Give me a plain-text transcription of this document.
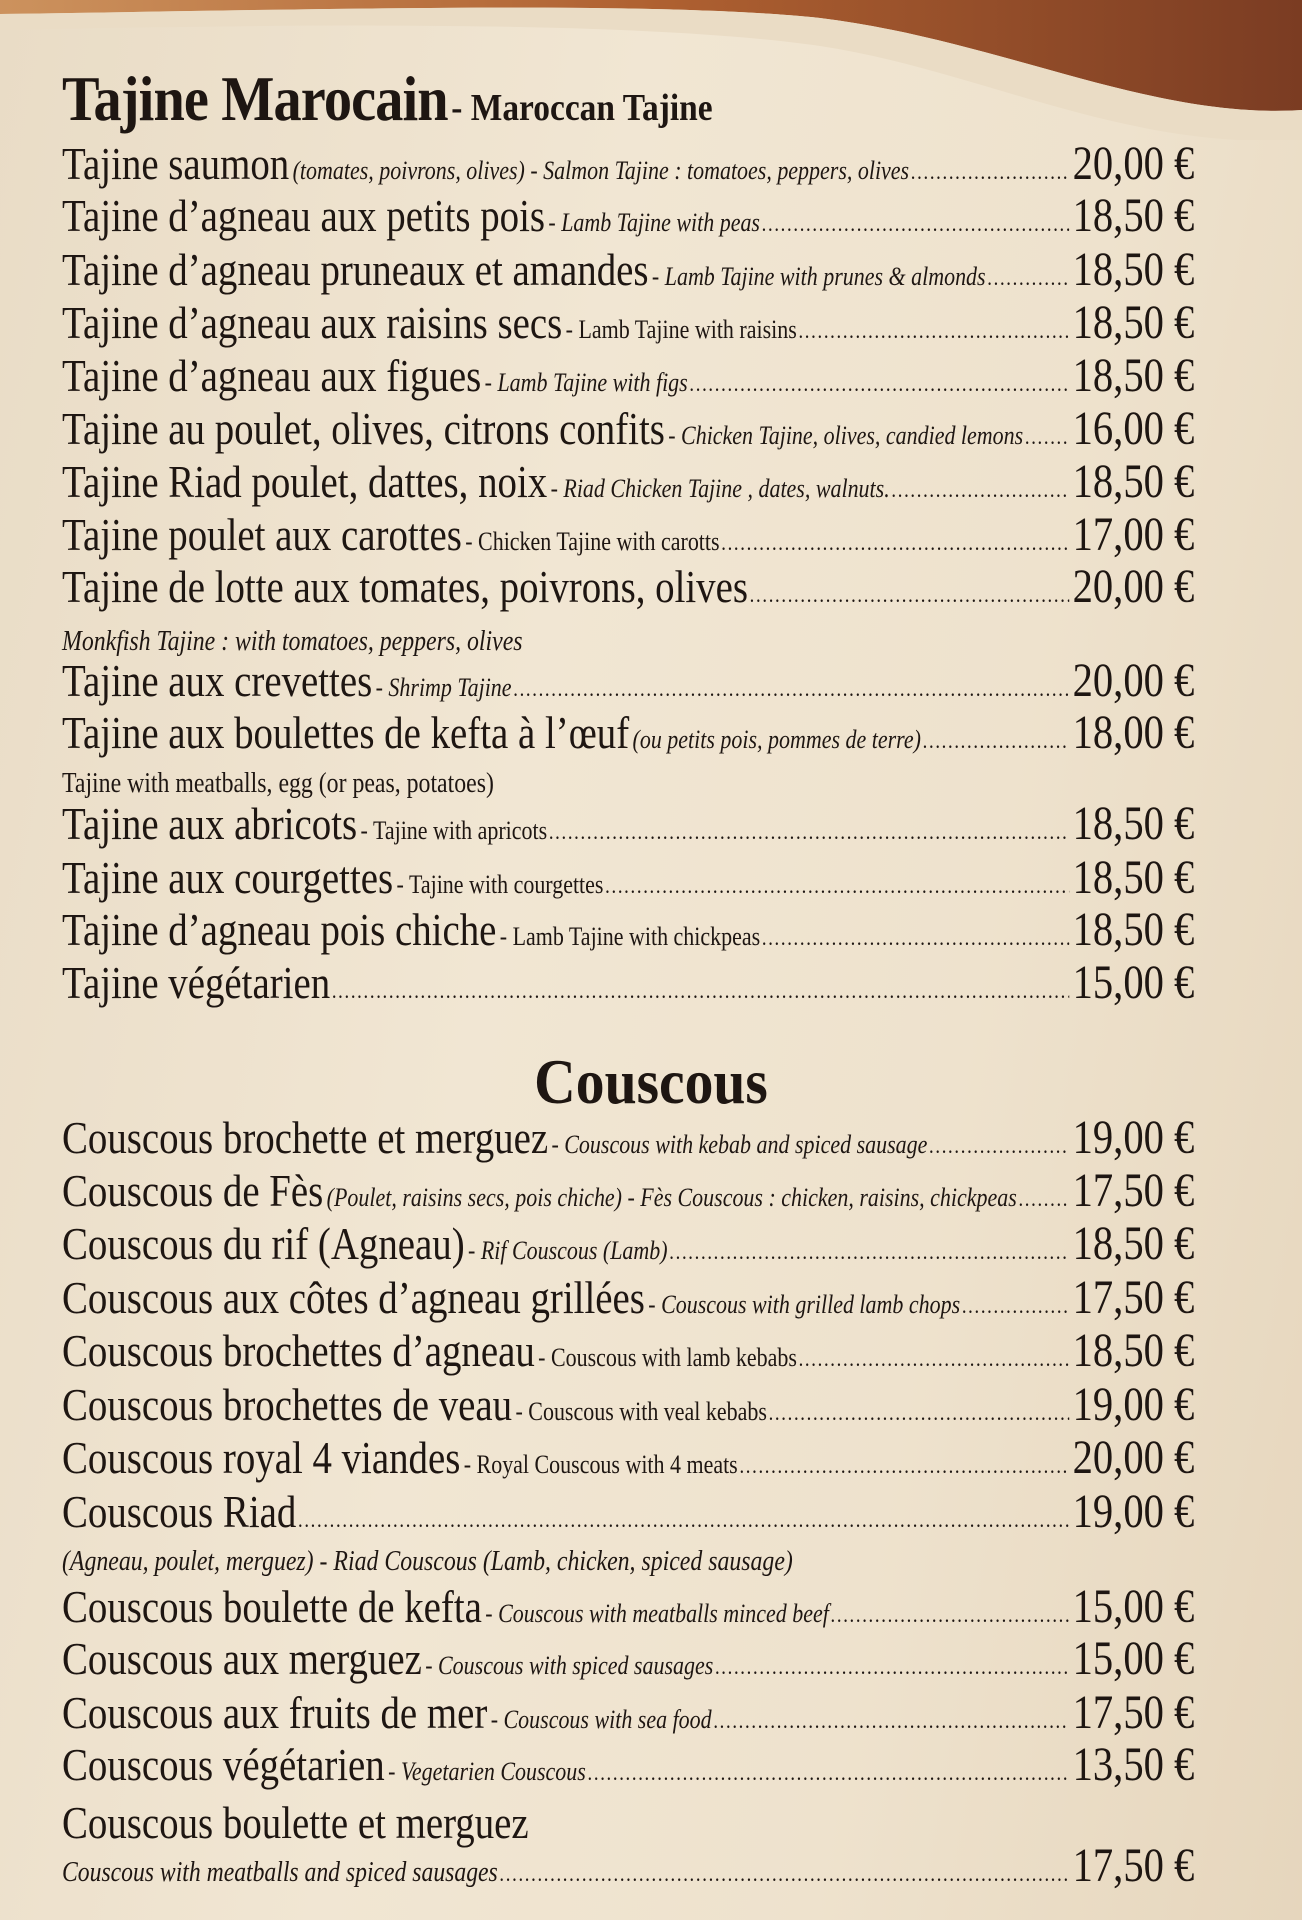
Tajine Marocain - Maroccan Tajine
Couscous
Tajine saumon (tomates, poivrons, olives) - Salmon Tajine : tomatoes, peppers, olives .....	20,00 €
Tajine d’agneau aux petits pois - Lamb Tajine with peas .....	18,50 €
Tajine d’agneau pruneaux et amandes - Lamb Tajine with prunes & almonds ..... 18,50 €
Tajine d’agneau aux raisins secs - Lamb Tajine with raisins .....	18,50 €
Tajine d’agneau aux figues - Lamb Tajine with figs .....	18,50 €
Tajine au poulet, olives, citrons confits - Chicken Tajine, olives, candied lemons ..... 16,00 €
Tajine Riad poulet, dattes, noix - Riad Chicken Tajine , dates, walnuts. .....	18,50 €
Tajine poulet aux carottes - Chicken Tajine with carotts .....	17,00 €
Tajine de lotte aux tomates, poivrons, olives .....	20,00 €
Monkfish Tajine : with tomatoes, peppers, olives
Tajine aux crevettes - Shrimp Tajine .....	20,00 €
Tajine aux boulettes de kefta à l’œuf (ou petits pois, pommes de terre) .....	18,00 €
Tajine with meatballs, egg (or peas, potatoes)
Tajine aux abricots - Tajine with apricots .....	18,50 €
Tajine aux courgettes - Tajine with courgettes .....	18,50 €
Tajine d’agneau pois chiche - Lamb Tajine with chickpeas .....	18,50 €
Tajine végétarien .....	15,00 €
Couscous brochette et merguez - Couscous with kebab and spiced sausage .....	19,00 €
Couscous de Fès (Poulet, raisins secs, pois chiche) - Fès Couscous : chicken, raisins, chickpeas ..... 17,50 €
Couscous du rif (Agneau) - Rif Couscous (Lamb) .....	18,50 €
Couscous aux côtes d’agneau grillées - Couscous with grilled lamb chops ..... 17,50 €
Couscous brochettes d’agneau - Couscous with lamb kebabs .....	18,50 €
Couscous brochettes de veau - Couscous with veal kebabs .....	19,00 €
Couscous royal 4 viandes - Royal Couscous with 4 meats .....	20,00 €
Couscous Riad .....	19,00 €
(Agneau, poulet, merguez) - Riad Couscous (Lamb, chicken, spiced sausage)
Couscous boulette de kefta - Couscous with meatballs minced beef .....	15,00 €
Couscous aux merguez - Couscous with spiced sausages .....	15,00 €
Couscous aux fruits de mer - Couscous with sea food .....	17,50 €
Couscous végétarien - Vegetarien Couscous .....	13,50 €
Couscous boulette et merguez
Couscous with meatballs and spiced sausages .....	17,50 €
